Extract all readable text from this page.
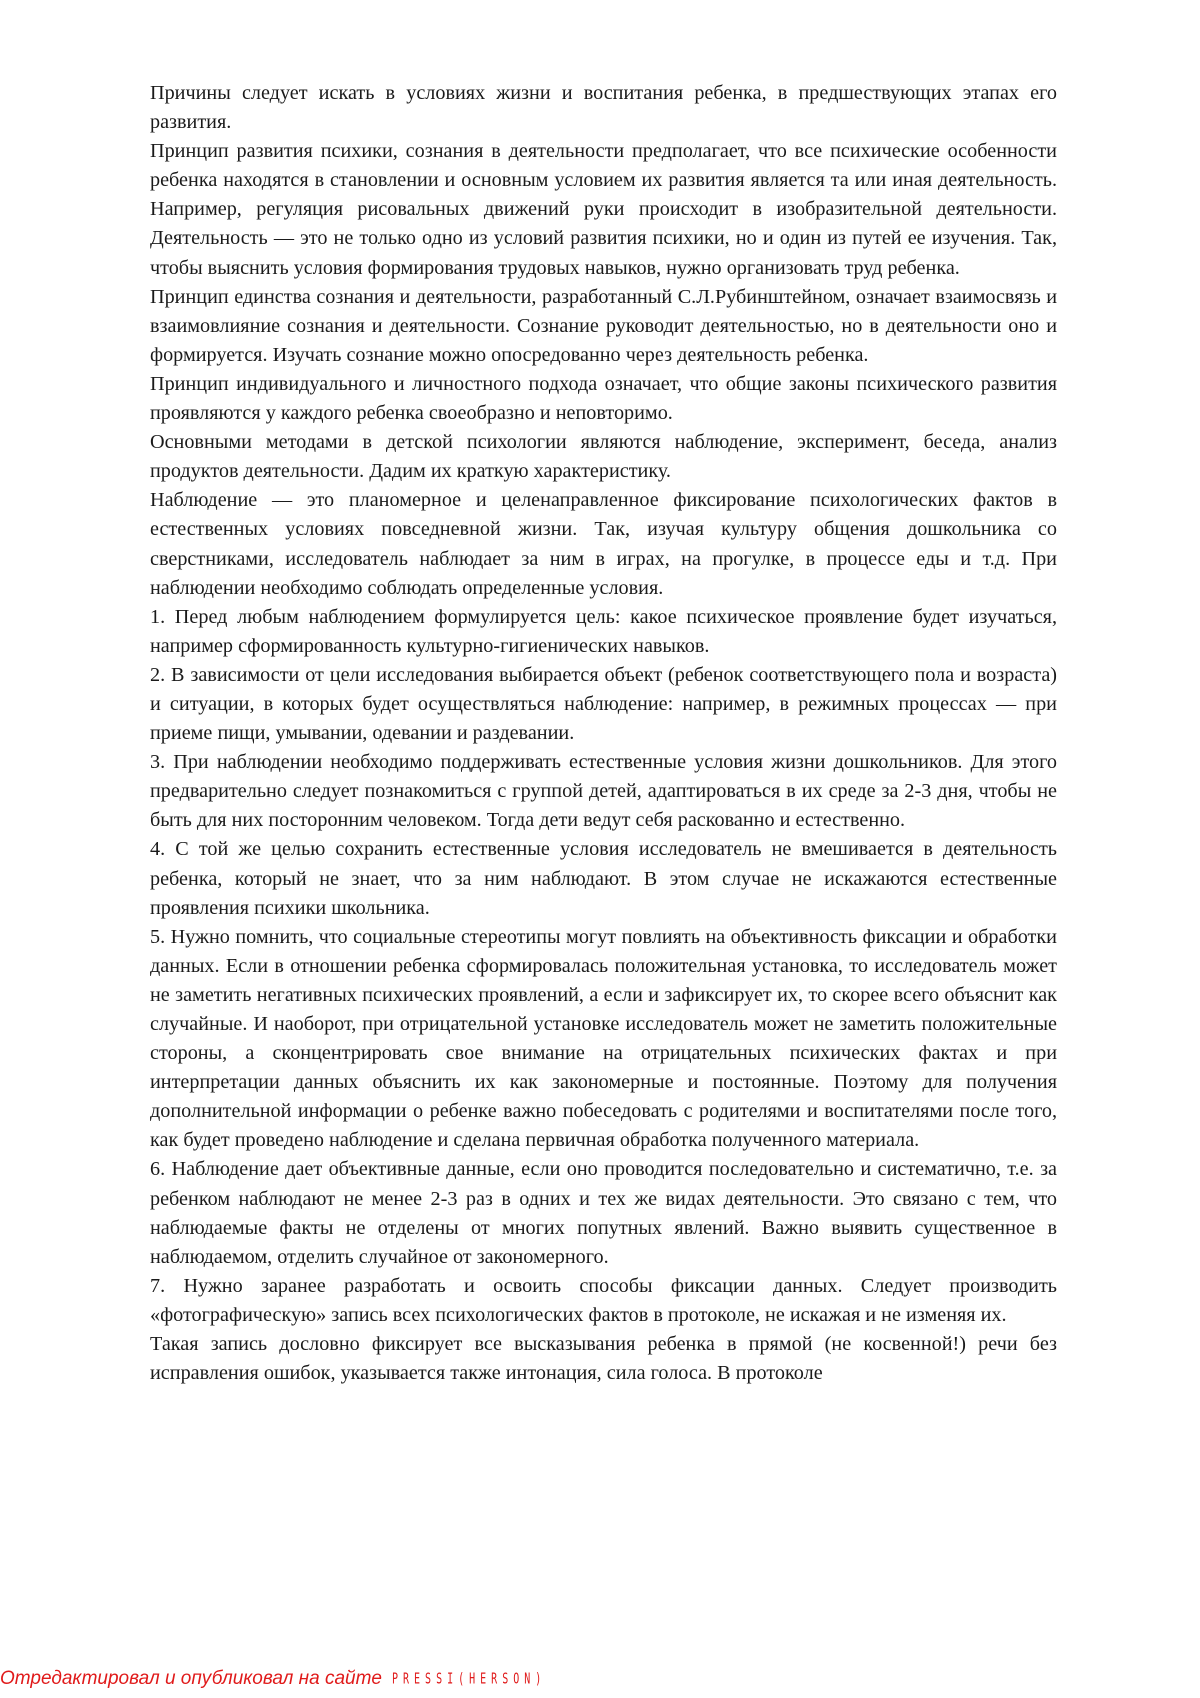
Причины следует искать в условиях жизни и воспитания ребенка, в предшествующих этапах его развития.

Принцип развития психики, сознания в деятельности предполагает, что все психические особенности ребенка находятся в становлении и основным условием их развития является та или иная деятельность. Например, регуляция рисовальных движений руки происходит в изобразительной деятельности. Деятельность — это не только одно из условий развития психики, но и один из путей ее изучения. Так, чтобы выяснить условия формирования трудовых навыков, нужно организовать труд ребенка.

Принцип единства сознания и деятельности, разработанный С.Л.Рубинштейном, означает взаимосвязь и взаимовлияние сознания и деятельности. Сознание руководит деятельностью, но в деятельности оно и формируется. Изучать сознание можно опосредованно через деятельность ребенка.

Принцип индивидуального и личностного подхода означает, что общие законы психического развития проявляются у каждого ребенка своеобразно и неповторимо.

Основными методами в детской психологии являются наблюдение, эксперимент, беседа, анализ продуктов деятельности. Дадим их краткую характеристику.

Наблюдение — это планомерное и целенаправленное фиксирование психологических фактов в естественных условиях повседневной жизни. Так, изучая культуру общения дошкольника со сверстниками, исследователь наблюдает за ним в играх, на прогулке, в процессе еды и т.д. При наблюдении необходимо соблюдать определенные условия.

1. Перед любым наблюдением формулируется цель: какое психическое проявление будет изучаться, например сформированность культурно-гигиенических навыков.

2. В зависимости от цели исследования выбирается объект (ребенок соответствующего пола и возраста) и ситуации, в которых будет осуществляться наблюдение: например, в режимных процессах — при приеме пищи, умывании, одевании и раздевании.

3. При наблюдении необходимо поддерживать естественные условия жизни дошкольников. Для этого предварительно следует познакомиться с группой детей, адаптироваться в их среде за 2-3 дня, чтобы не быть для них посторонним человеком. Тогда дети ведут себя раскованно и естественно.

4. С той же целью сохранить естественные условия исследователь не вмешивается в деятельность ребенка, который не знает, что за ним наблюдают. В этом случае не искажаются естественные проявления психики школьника.

5. Нужно помнить, что социальные стереотипы могут повлиять на объективность фиксации и обработки данных. Если в отношении ребенка сформировалась положительная установка, то исследователь может не заметить негативных психических проявлений, а если и зафиксирует их, то скорее всего объяснит как случайные. И наоборот, при отрицательной установке исследователь может не заметить положительные стороны, а сконцентрировать свое внимание на отрицательных психических фактах и при интерпретации данных объяснить их как закономерные и постоянные. Поэтому для получения дополнительной информации о ребенке важно побеседовать с родителями и воспитателями после того, как будет проведено наблюдение и сделана первичная обработка полученного материала.

6. Наблюдение дает объективные данные, если оно проводится последовательно и систематично, т.е. за ребенком наблюдают не менее 2-3 раз в одних и тех же видах деятельности. Это связано с тем, что наблюдаемые факты не отделены от многих попутных явлений. Важно выявить существенное в наблюдаемом, отделить случайное от закономерного.

7. Нужно заранее разработать и освоить способы фиксации данных. Следует производить «фотографическую» запись всех психологических фактов в протоколе, не искажая и не изменяя их.

Такая запись дословно фиксирует все высказывания ребенка в прямой (не косвенной!) речи без исправления ошибок, указывается также интонация, сила голоса. В протоколе

Отредактировал и опубликовал на сайте PRESSI(HERSON)
